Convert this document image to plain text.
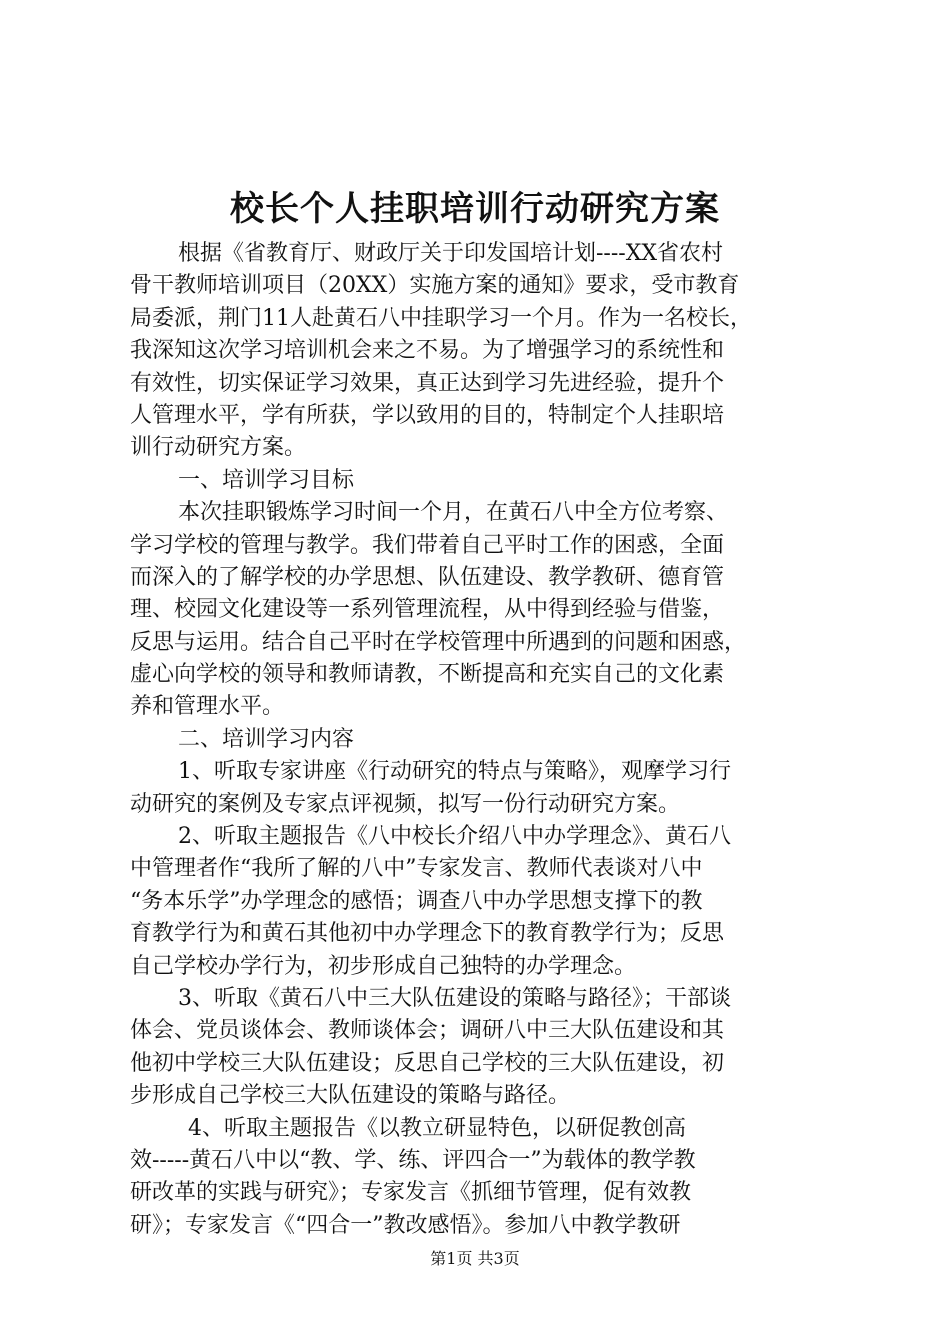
校长个人挂职培训行动研究方案
根据《省教育厅、财政厅关于印发国培计划----XX省农村
骨干教师培训项目（20XX）实施方案的通知》要求，受市教育
局委派，荆门11人赴黄石八中挂职学习一个月。作为一名校长，
我深知这次学习培训机会来之不易。为了增强学习的系统性和
有效性，切实保证学习效果，真正达到学习先进经验，提升个
人管理水平，学有所获，学以致用的目的，特制定个人挂职培
训行动研究方案。
一、培训学习目标
本次挂职锻炼学习时间一个月，在黄石八中全方位考察、
学习学校的管理与教学。我们带着自己平时工作的困惑，全面
而深入的了解学校的办学思想、队伍建设、教学教研、德育管
理、校园文化建设等一系列管理流程，从中得到经验与借鉴，
反思与运用。结合自己平时在学校管理中所遇到的问题和困惑，
虚心向学校的领导和教师请教，不断提高和充实自己的文化素
养和管理水平。
二、培训学习内容
1、听取专家讲座《行动研究的特点与策略》，观摩学习行
动研究的案例及专家点评视频，拟写一份行动研究方案。
2、听取主题报告《八中校长介绍八中办学理念》、黄石八
中管理者作“我所了解的八中”专家发言、教师代表谈对八中
“务本乐学”办学理念的感悟；调查八中办学思想支撑下的教
育教学行为和黄石其他初中办学理念下的教育教学行为；反思
自己学校办学行为，初步形成自己独特的办学理念。
3、听取《黄石八中三大队伍建设的策略与路径》；干部谈
体会、党员谈体会、教师谈体会；调研八中三大队伍建设和其
他初中学校三大队伍建设；反思自己学校的三大队伍建设，初
步形成自己学校三大队伍建设的策略与路径。
4、听取主题报告《以教立研显特色，以研促教创高
效-----黄石八中以“教、学、练、评四合一”为载体的教学教
研改革的实践与研究》；专家发言《抓细节管理，促有效教
研》；专家发言《“四合一”教改感悟》。参加八中教学教研
第1页 共3页
